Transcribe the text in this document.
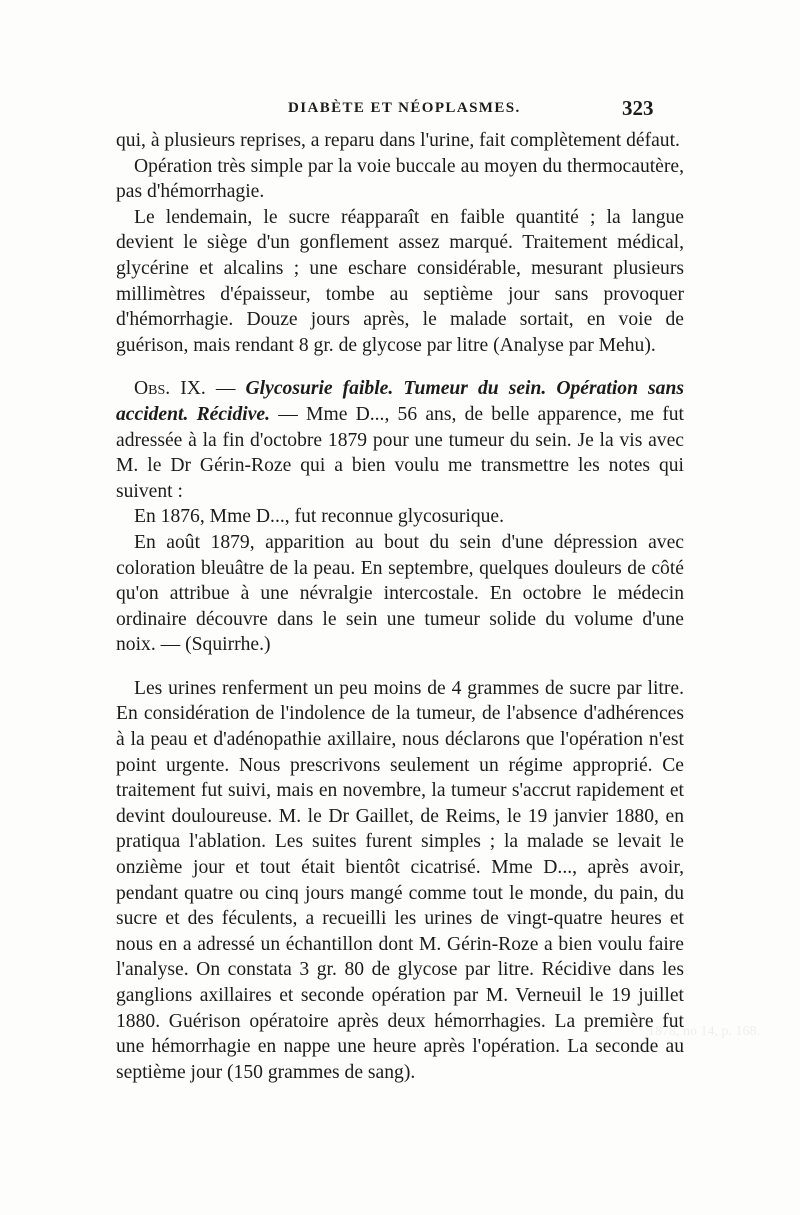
DIABÈTE ET NÉOPLASMES.	323

qui, à plusieurs reprises, a reparu dans l'urine, fait complètement défaut.

Opération très simple par la voie buccale au moyen du thermocautère, pas d'hémorrhagie.

Le lendemain, le sucre réapparaît en faible quantité ; la langue devient le siège d'un gonflement assez marqué. Traitement médical, glycérine et alcalins ; une eschare considérable, mesurant plusieurs millimètres d'épaisseur, tombe au septième jour sans provoquer d'hémorrhagie. Douze jours après, le malade sortait, en voie de guérison, mais rendant 8 gr. de glycose par litre (Analyse par Mehu).

Obs. IX. — Glycosurie faible. Tumeur du sein. Opération sans accident. Récidive. — Mme D..., 56 ans, de belle apparence, me fut adressée à la fin d'octobre 1879 pour une tumeur du sein. Je la vis avec M. le Dr Gérin-Roze qui a bien voulu me transmettre les notes qui suivent :

En 1876, Mme D..., fut reconnue glycosurique.

En août 1879, apparition au bout du sein d'une dépression avec coloration bleuâtre de la peau. En septembre, quelques douleurs de côté qu'on attribue à une névralgie intercostale. En octobre le médecin ordinaire découvre dans le sein une tumeur solide du volume d'une noix. — (Squirrhe.)

Les urines renferment un peu moins de 4 grammes de sucre par litre. En considération de l'indolence de la tumeur, de l'absence d'adhérences à la peau et d'adénopathie axillaire, nous déclarons que l'opération n'est point urgente. Nous prescrivons seulement un régime approprié. Ce traitement fut suivi, mais en novembre, la tumeur s'accrut rapidement et devint douloureuse. M. le Dr Gaillet, de Reims, le 19 janvier 1880, en pratiqua l'ablation. Les suites furent simples ; la malade se levait le onzième jour et tout était bientôt cicatrisé. Mme D..., après avoir, pendant quatre ou cinq jours mangé comme tout le monde, du pain, du sucre et des féculents, a recueilli les urines de vingt-quatre heures et nous en a adressé un échantillon dont M. Gérin-Roze a bien voulu faire l'analyse. On constata 3 gr. 80 de glycose par litre. Récidive dans les ganglions axillaires et seconde opération par M. Verneuil le 19 juillet 1880. Guérison opératoire après deux hémorrhagies. La première fut une hémorrhagie en nappe une heure après l'opération. La seconde au septième jour (150 grammes de sang).

1878, no 14, p. 168.
